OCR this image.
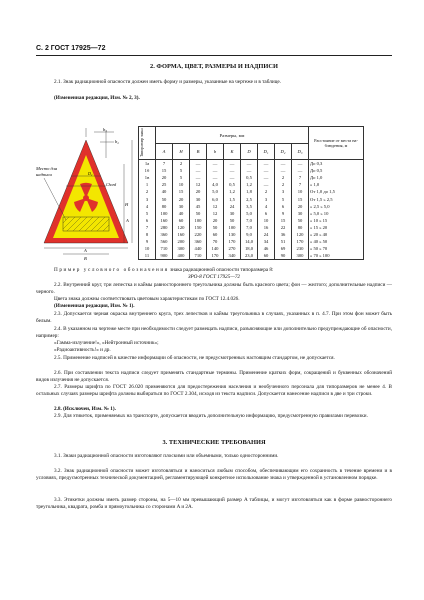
С. 2 ГОСТ 17925—72
2. ФОРМА, ЦВЕТ, РАЗМЕРЫ И НАДПИСИ
2.1. Знак радиационной опасности должен иметь форму и размеры, указанные на чертеже и в таблице.
(Измененная редакция, Изм. № 2, 3).
b₁
b₂
D₂
Chord
H
A
Место для
надписи
A
B
Типоразмер знака	Размеры, мм									Расстояние от места на-блюдения, м
	A	H	B	b	K	D	D₁	D₂	D₃	
1а	7	2	—	—	—	—	—	—	—	До 0,3
1б	15	5	—	—	—	—	—	—	—	До 0,5
1в	20	5	—	—	—	0,5	—	2	7	До 1,0
1	25	10	12	4,0	0,5	1,2	—	2	7	» 1,0
2	40	15	20	5,0	1,2	1,8	2	3	10	От 1,0 до 1,5
3	50	20	30	6,0	1,5	2,5	3	5	15	От 1,5 » 2,5
4	80	30	45	12	24	3,5	4	6	20	» 2,5 » 5,0
5	100	40	50	12	30	5,0	6	9	30	» 5,0 » 10
6	160	60	100	20	50	7,0	10	15	50	» 10 » 15
7	280	120	150	50	100	7,0	16	22	80	» 15 » 20
8	360	160	220	60	130	9,0	24	36	120	» 20 » 40
9	560	200	360	70	170	14,0	34	51	170	» 40 » 50
10	710	300	440	140	270	18,0	46	69	230	» 50 » 70
11	900	400	710	170	340	23,0	60	90	300	» 70 » 100
Пример условного обозначения знака радиационной опасности типоразмера 8:
ЗРО-8 ГОСТ 17925—72
2.2. Внутренний круг, три лепестка и каймы равностороннего треугольника должны быть красного цвета; фон — желтого; дополнительные надписи — черного.
Цвета знака должны соответствовать цветовым характеристикам по ГОСТ 12.4.026.
(Измененная редакция, Изм. № 1).
2.3. Допускается черная окраска внутреннего круга, трех лепестков и каймы треугольника в случаях, указанных в п. 4.7. При этом фон может быть белым.
2.4. В указанном на чертеже месте при необходимости следует размещать надписи, разъясняющие или дополнительно предупреждающие об опасности, например:
«Гамма-излучение!», «Нейтронный источник»;
«Радиоактивность!» и др.
2.5. Применение надписей в качестве информации об опасности, не предусмотренных настоящим стандартом, не допускается.
2.6. При составлении текста надписи следует применять стандартные термины. Применение кратких форм, сокращений и буквенных обозначений видов излучения не допускается.
2.7. Размеры шрифта по ГОСТ 26.020 применяются для предостережения населения и необученного персонала для типоразмеров не менее 4. В остальных случаях размеры шрифта должны выбираться по ГОСТ 2.304, исходя из текста надписи. Допускается нанесение надписи в две и три строки.
2.8. (Исключен, Изм. № 1).
2.9. Для этикеток, применяемых на транспорте, допускается вводить дополнительную информацию, предусмотренную правилами перевозки.
3. ТЕХНИЧЕСКИЕ ТРЕБОВАНИЯ
3.1. Знаки радиационной опасности изготовляют плоскими или объемными, только односторонними.
3.2. Знак радиационной опасности может изготовляться и наноситься любым способом, обеспечивающим его сохранность в течение времени и в условиях, предусмотренных технической документацией, регламентирующей конкретное использование знака и утвержденной в установленном порядке.
3.3. Этикетки должны иметь размер стороны, на 5—10 мм превышающий размер A таблицы, и могут изготовляться как в форме равностороннего треугольника, квадрата, ромба и прямоугольника со сторонами A и 2A.
